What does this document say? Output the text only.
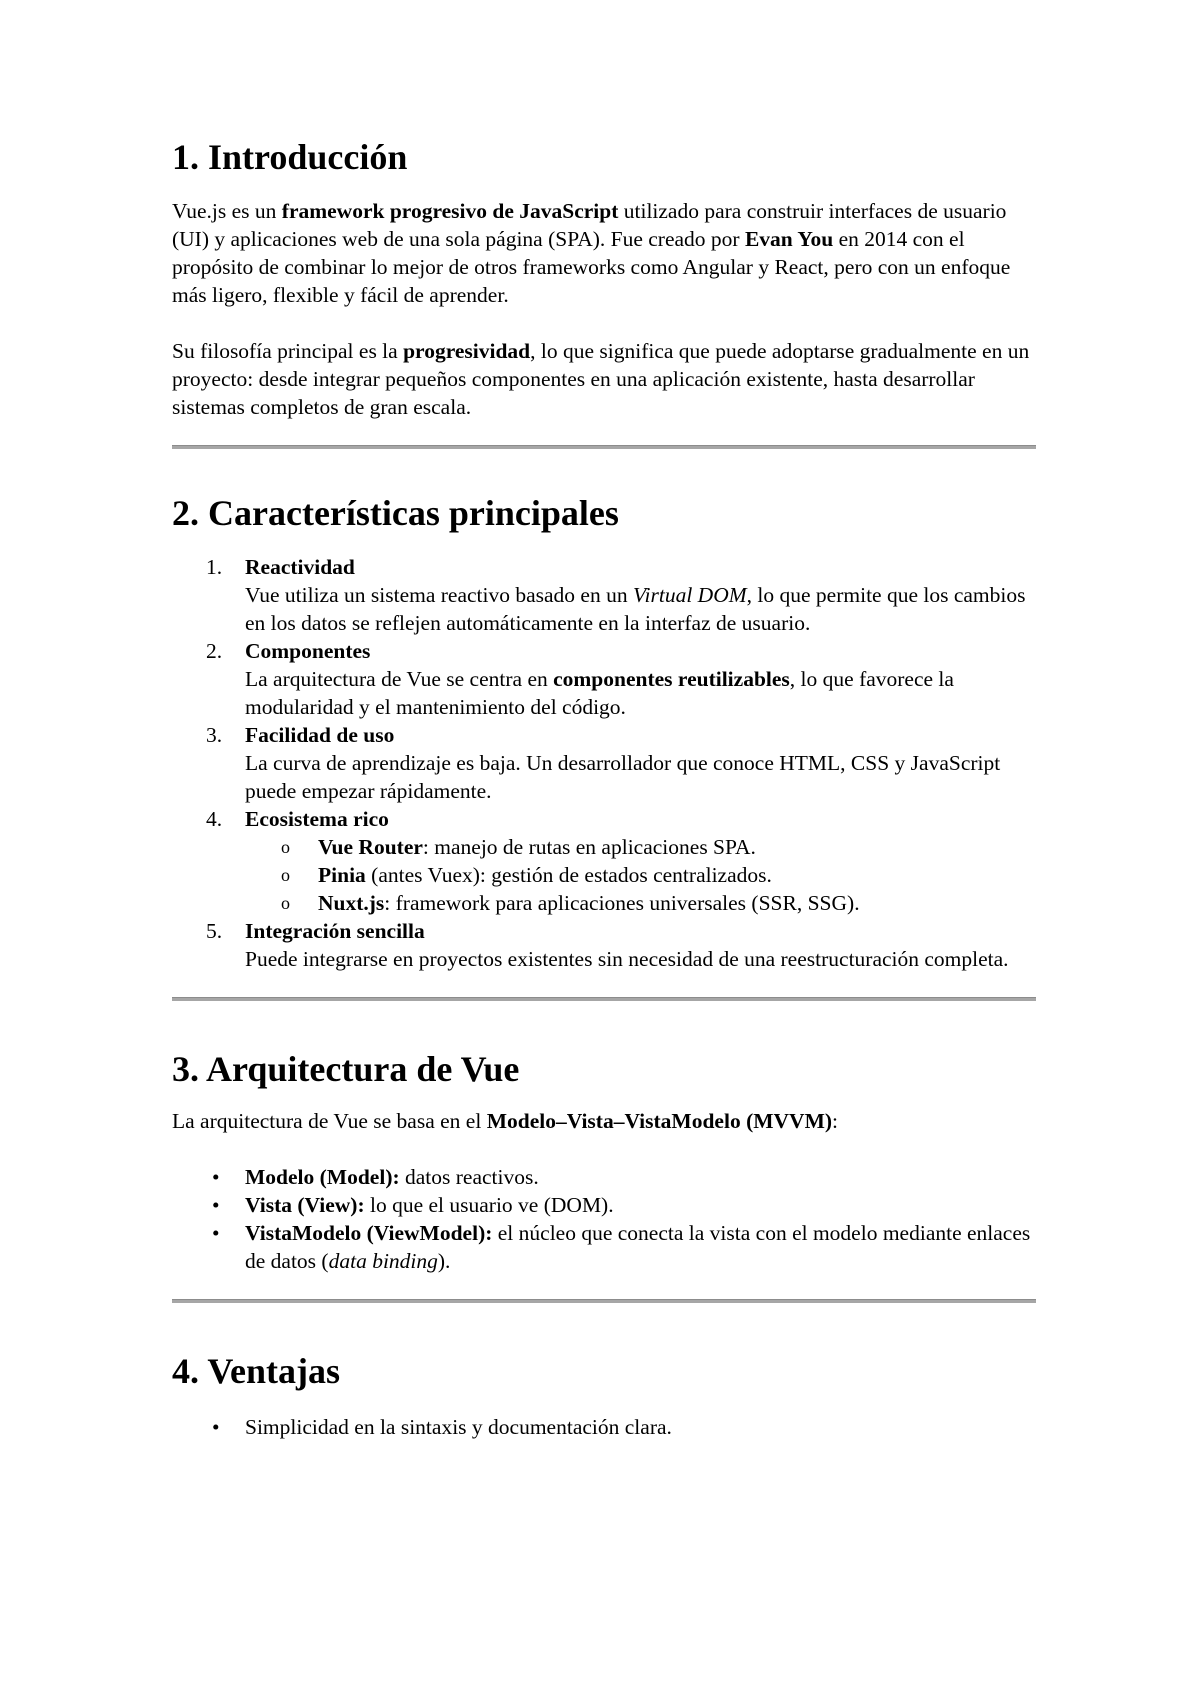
1. Introducción

Vue.js es un framework progresivo de JavaScript utilizado para construir interfaces de usuario (UI) y aplicaciones web de una sola página (SPA). Fue creado por Evan You en 2014 con el propósito de combinar lo mejor de otros frameworks como Angular y React, pero con un enfoque más ligero, flexible y fácil de aprender.

Su filosofía principal es la progresividad, lo que significa que puede adoptarse gradualmente en un proyecto: desde integrar pequeños componentes en una aplicación existente, hasta desarrollar sistemas completos de gran escala.

2. Características principales
1. Reactividad
Vue utiliza un sistema reactivo basado en un Virtual DOM, lo que permite que los cambios en los datos se reflejen automáticamente en la interfaz de usuario.
2. Componentes
La arquitectura de Vue se centra en componentes reutilizables, lo que favorece la modularidad y el mantenimiento del código.
3. Facilidad de uso
La curva de aprendizaje es baja. Un desarrollador que conoce HTML, CSS y JavaScript puede empezar rápidamente.
4. Ecosistema rico
o Vue Router: manejo de rutas en aplicaciones SPA.
o Pinia (antes Vuex): gestión de estados centralizados.
o Nuxt.js: framework para aplicaciones universales (SSR, SSG).
5. Integración sencilla
Puede integrarse en proyectos existentes sin necesidad de una reestructuración completa.
3. Arquitectura de Vue

La arquitectura de Vue se basa en el Modelo–Vista–VistaModelo (MVVM):

• Modelo (Model): datos reactivos.
• Vista (View): lo que el usuario ve (DOM).
• VistaModelo (ViewModel): el núcleo que conecta la vista con el modelo mediante enlaces de datos (data binding).
4. Ventajas
• Simplicidad en la sintaxis y documentación clara.
